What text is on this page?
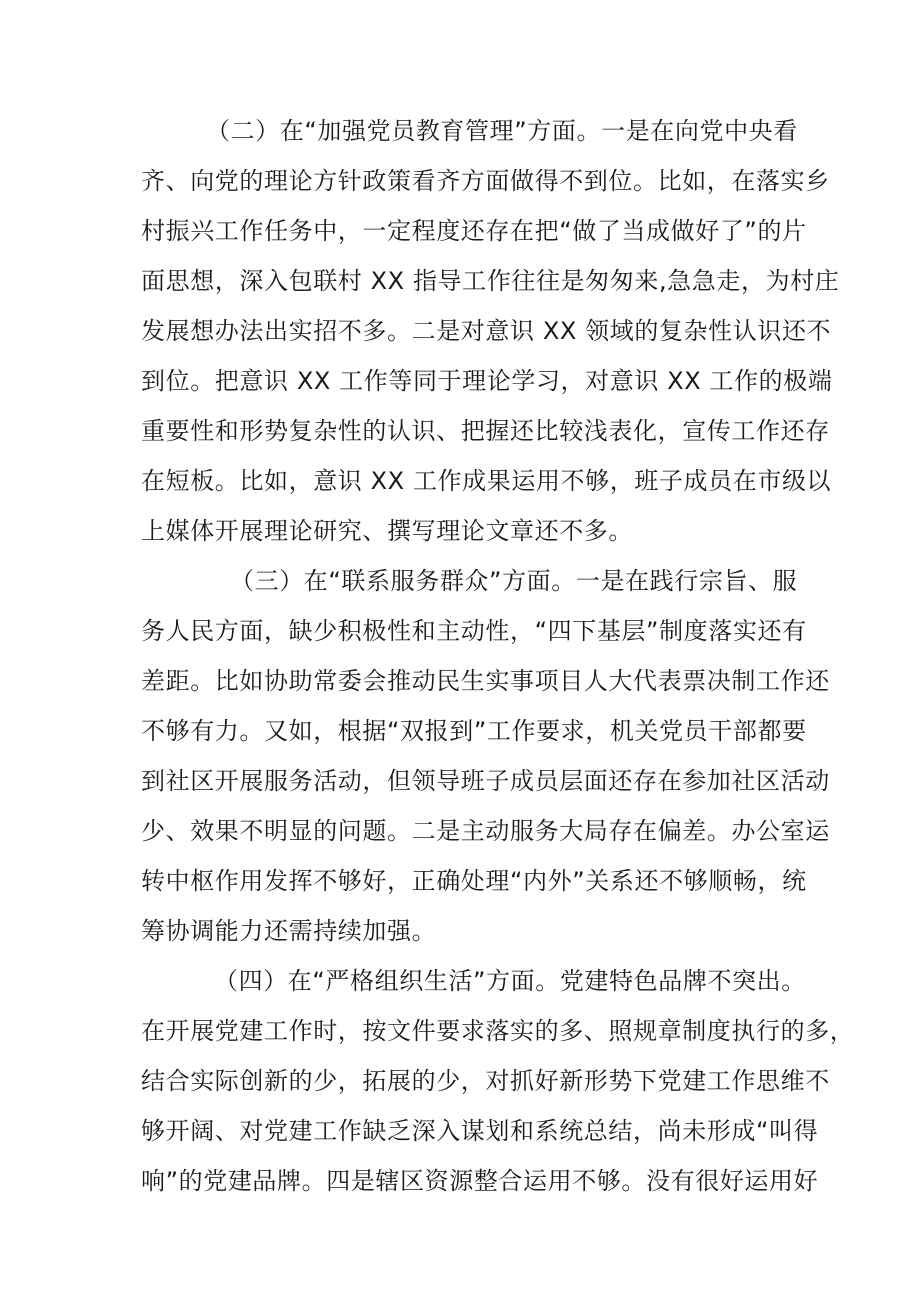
（二）在“加强党员教育管理”方面。一是在向党中央看
齐、向党的理论方针政策看齐方面做得不到位。比如，在落实乡
村振兴工作任务中，一定程度还存在把“做了当成做好了”的片
面思想，深入包联村 XX 指导工作往往是匆匆来,急急走，为村庄
发展想办法出实招不多。二是对意识 XX 领域的复杂性认识还不
到位。把意识 XX 工作等同于理论学习，对意识 XX 工作的极端
重要性和形势复杂性的认识、把握还比较浅表化，宣传工作还存
在短板。比如，意识 XX 工作成果运用不够，班子成员在市级以
上媒体开展理论研究、撰写理论文章还不多。
（三）在“联系服务群众”方面。一是在践行宗旨、服
务人民方面，缺少积极性和主动性，“四下基层”制度落实还有
差距。比如协助常委会推动民生实事项目人大代表票决制工作还
不够有力。又如，根据“双报到”工作要求，机关党员干部都要
到社区开展服务活动，但领导班子成员层面还存在参加社区活动
少、效果不明显的问题。二是主动服务大局存在偏差。办公室运
转中枢作用发挥不够好，正确处理“内外”关系还不够顺畅，统
筹协调能力还需持续加强。
（四）在“严格组织生活”方面。党建特色品牌不突出。
在开展党建工作时，按文件要求落实的多、照规章制度执行的多，
结合实际创新的少，拓展的少，对抓好新形势下党建工作思维不
够开阔、对党建工作缺乏深入谋划和系统总结，尚未形成“叫得
响”的党建品牌。四是辖区资源整合运用不够。没有很好运用好
